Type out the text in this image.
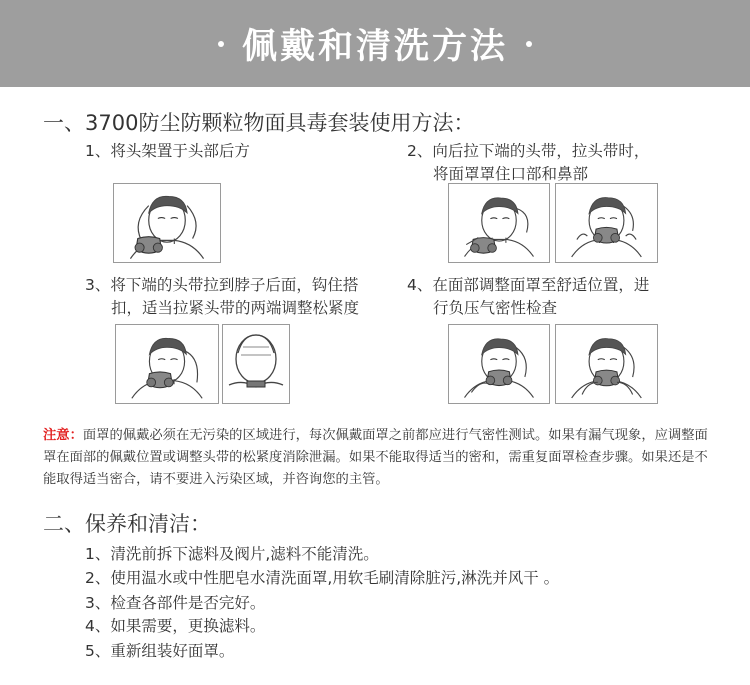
佩戴和清洗方法
一、3700防尘防颗粒物面具毒套装使用方法：
1、将头架置于头部后方	2、向后拉下端的头带，拉头带时，
将面罩罩住口部和鼻部
3、将下端的头带拉到脖子后面，钩住搭
扣，适当拉紧头带的两端调整松紧度
4、在面部调整面罩至舒适位置，进
行负压气密性检查
注意：面罩的佩戴必须在无污染的区域进行，每次佩戴面罩之前都应进行气密性测试。如果有漏气现象，应调整面罩在面部的佩戴位置或调整头带的松紧度消除泄漏。如果不能取得适当的密和，需重复面罩检查步骤。如果还是不能取得适当密合，请不要进入污染区域，并咨询您的主管。
二、保养和清洁：
1、清洗前拆下滤料及阀片,滤料不能清洗。
2、使用温水或中性肥皂水清洗面罩,用软毛刷清除脏污,淋洗并风干 。
3、检查各部件是否完好。
4、如果需要，更换滤料。
5、重新组装好面罩。
